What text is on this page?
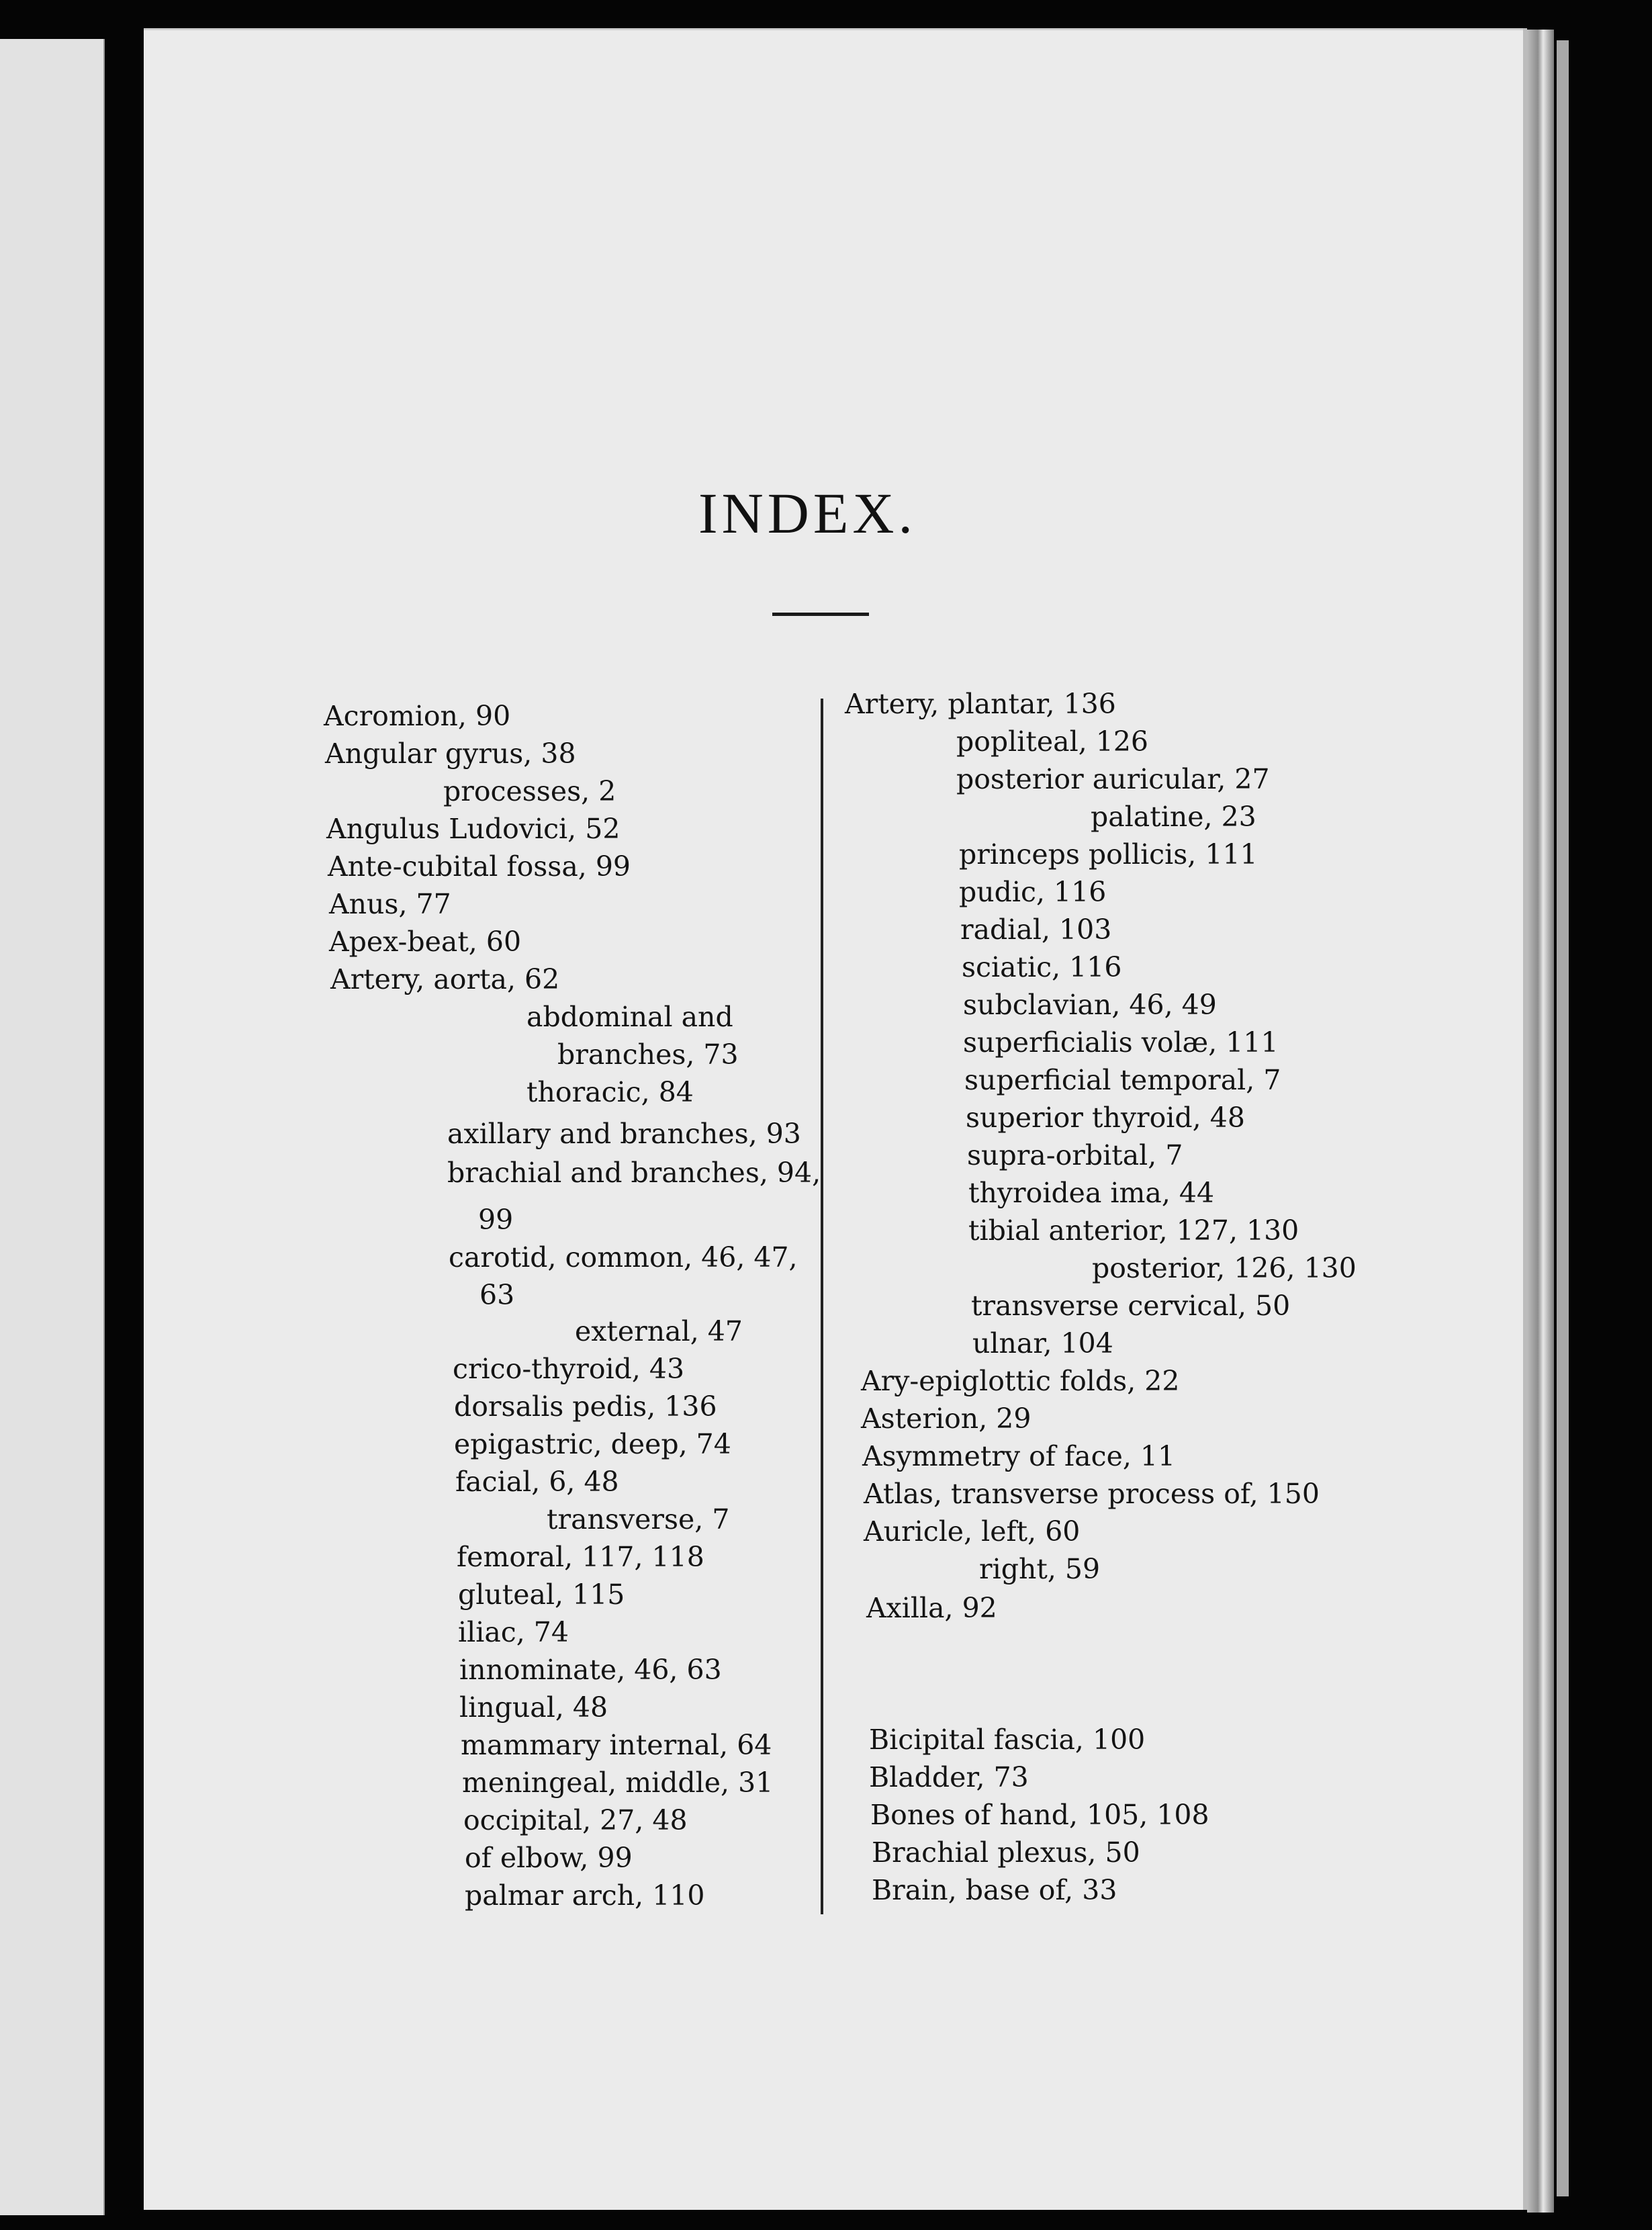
INDEX.
Acromion, 90
Angular gyrus, 38
processes, 2
Angulus Ludovici, 52
Ante-cubital fossa, 99
Anus, 77
Apex-beat, 60
Artery, aorta, 62
abdominal and
branches, 73
thoracic, 84
axillary and branches, 93
brachial and branches, 94,
99
carotid, common, 46, 47,
63
external, 47
crico-thyroid, 43
dorsalis pedis, 136
epigastric, deep, 74
facial, 6, 48
transverse, 7
femoral, 117, 118
gluteal, 115
iliac, 74
innominate, 46, 63
lingual, 48
mammary internal, 64
meningeal, middle, 31
occipital, 27, 48
of elbow, 99
palmar arch, 110
Artery, plantar, 136
popliteal, 126
posterior auricular, 27
palatine, 23
princeps pollicis, 111
pudic, 116
radial, 103
sciatic, 116
subclavian, 46, 49
superficialis volæ, 111
superficial temporal, 7
superior thyroid, 48
supra-orbital, 7
thyroidea ima, 44
tibial anterior, 127, 130
posterior, 126, 130
transverse cervical, 50
ulnar, 104
Ary-epiglottic folds, 22
Asterion, 29
Asymmetry of face, 11
Atlas, transverse process of, 150
Auricle, left, 60
right, 59
Axilla, 92
Bicipital fascia, 100
Bladder, 73
Bones of hand, 105, 108
Brachial plexus, 50
Brain, base of, 33
